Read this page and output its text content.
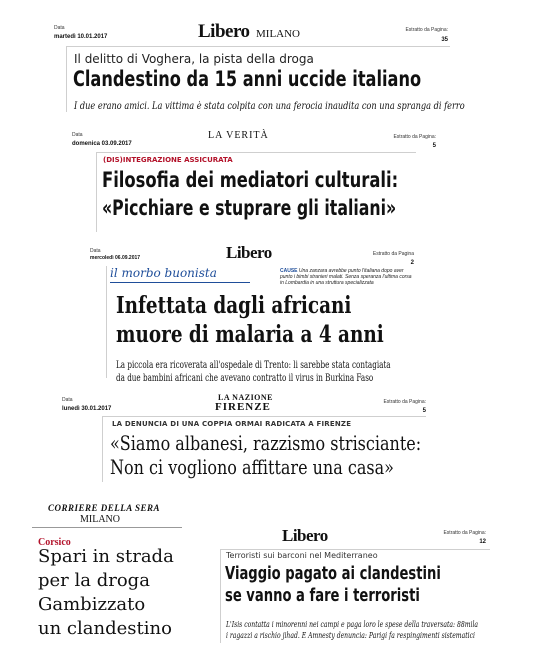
Data
martedì 10.01.2017	Libero MILANO	Estratto da Pagina:
35
Il delitto di Voghera, la pista della droga
Clandestino da 15 anni uccide italiano
I due erano amici. La vittima è stata colpita con una ferocia inaudita con una spranga di ferro
Data
domenica 03.09.2017
LA VERITÀ	Estratto da Pagina:
5
(DIS)INTEGRAZIONE ASSICURATA
Filosofia dei mediatori culturali:
«Picchiare e stuprare gli italiani»
Data
mercoledì 06.09.2017	Libero	Estratto da Pagina
2
il morbo buonista	CAUSE Una zanzara avrebbe punto l'italiana dopo aver punto i bimbi stranieri malati. Senza speranza l'ultima corsa in Lombardia in una struttura specializzata
Infettata dagli africani
muore di malaria a 4 anni
La piccola era ricoverata all'ospedale di Trento: li sarebbe stata contagiata
da due bambini africani che avevano contratto il virus in Burkina Faso
Data
lunedì 30.01.2017
LA NAZIONE
FIRENZE	Estratto da Pagina:
5
LA DENUNCIA DI UNA COPPIA ORMAI RADICATA A FIRENZE
«Siamo albanesi, razzismo strisciante:
Non ci vogliono affittare una casa»
CORRIERE DELLA SERA
MILANO
Corsico
Spari in strada
per la droga
Gambizzato
un clandestino
Libero	Estratto da Pagina:
12
Terroristi sui barconi nel Mediterraneo
Viaggio pagato ai clandestini
se vanno a fare i terroristi
L'Isis contatta i minorenni nei campi e paga loro le spese della traversata: 88mila
i ragazzi a rischio jihad. E Amnesty denuncia: Parigi fa respingimenti sistematici
